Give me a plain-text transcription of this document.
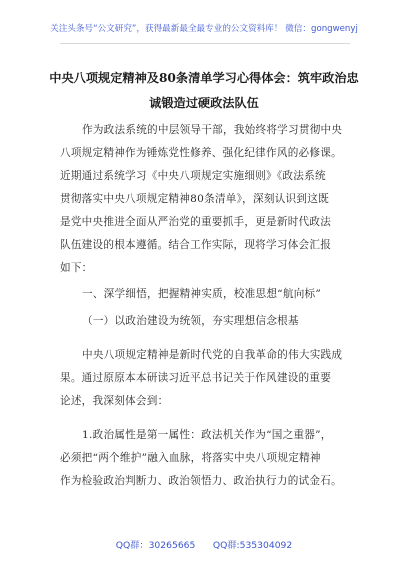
关注头条号“公文研究”，获得最新最全最专业的公文资料库！ 微信：gongwenyj
中央八项规定精神及80条清单学习心得体会：筑牢政治忠
诚锻造过硬政法队伍
作为政法系统的中层领导干部，我始终将学习贯彻中央
八项规定精神作为锤炼党性修养、强化纪律作风的必修课。
近期通过系统学习《中央八项规定实施细则》《政法系统
贯彻落实中央八项规定精神80条清单》，深刻认识到这既
是党中央推进全面从严治党的重要抓手，更是新时代政法
队伍建设的根本遵循。结合工作实际，现将学习体会汇报
如下：
一、深学细悟，把握精神实质，校准思想“航向标”
（一）以政治建设为统领，夯实理想信念根基
中央八项规定精神是新时代党的自我革命的伟大实践成
果。通过原原本本研读习近平总书记关于作风建设的重要
论述，我深刻体会到：
1.政治属性是第一属性：政法机关作为“国之重器”，
必须把“两个维护”融入血脉，将落实中央八项规定精神
作为检验政治判断力、政治领悟力、政治执行力的试金石。
QQ群：30265665      QQ群:535304092
